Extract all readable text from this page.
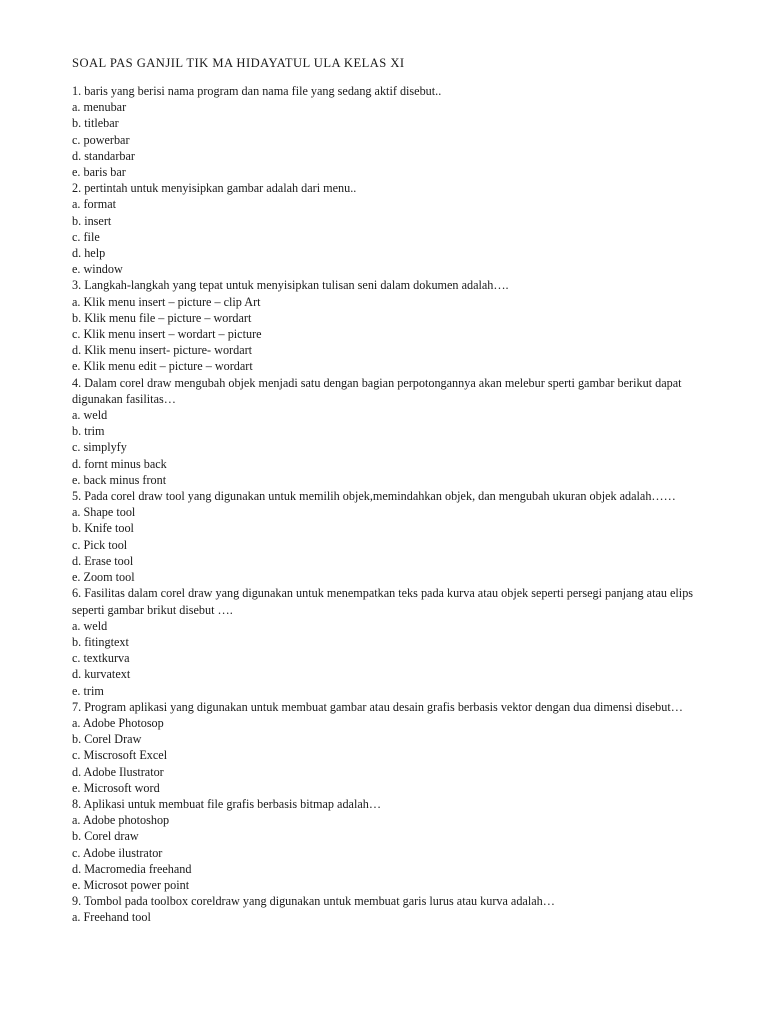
SOAL PAS GANJIL TIK MA HIDAYATUL ULA KELAS XI

1. baris yang berisi nama program dan nama file yang sedang aktif disebut..

a. menubar

b. titlebar

c. powerbar

d. standarbar

e. baris bar

2. pertintah untuk menyisipkan gambar adalah dari menu..

a. format

b. insert

c. file

d. help

e. window

3. Langkah-langkah yang tepat untuk menyisipkan tulisan seni dalam dokumen adalah….

a. Klik menu insert – picture – clip Art

b. Klik menu file – picture – wordart

c. Klik menu insert – wordart – picture

d. Klik menu insert- picture- wordart

e. Klik menu edit – picture – wordart

4. Dalam corel draw mengubah objek menjadi satu dengan bagian perpotongannya akan melebur sperti gambar berikut dapat digunakan fasilitas…

a. weld

b. trim

c. simplyfy

d. fornt minus back

e. back minus front

5. Pada corel draw tool yang digunakan untuk memilih objek,memindahkan objek, dan mengubah ukuran objek adalah……

a. Shape tool

b. Knife tool

c. Pick tool

d. Erase tool

e. Zoom tool

6. Fasilitas dalam corel draw yang digunakan untuk menempatkan teks pada kurva atau objek seperti persegi panjang atau elips seperti gambar brikut disebut ….

a. weld

b. fitingtext

c. textkurva

d. kurvatext

e. trim

7. Program aplikasi yang digunakan untuk membuat gambar atau desain grafis berbasis vektor dengan dua dimensi disebut…

a. Adobe Photosop

b. Corel Draw

c. Miscrosoft Excel

d. Adobe Ilustrator

e. Microsoft word

8. Aplikasi untuk membuat file grafis berbasis bitmap adalah…

a. Adobe photoshop

b. Corel draw

c. Adobe ilustrator

d. Macromedia freehand

e. Microsot power point

9. Tombol pada toolbox coreldraw yang digunakan untuk membuat garis lurus atau kurva adalah…

a. Freehand tool
